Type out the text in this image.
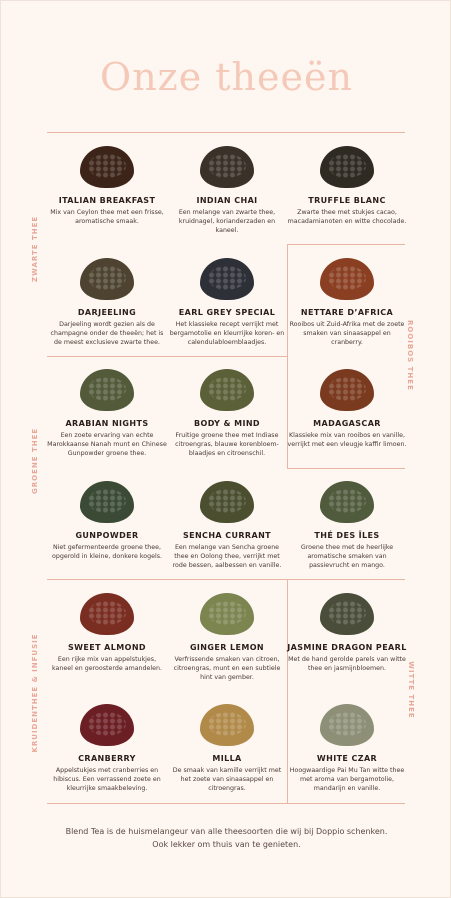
Onze theeën
ZWARTE THEE
GROENE THEE
KRUIDENTHEE & INFUSIE
ROOIBOS THEE
WITTE THEE
ITALIAN BREAKFAST
Mix van Ceylon thee met een frisse, aromatische smaak.
INDIAN CHAI
Een melange van zwarte thee, kruidnagel, korianderzaden en kaneel.
TRUFFLE BLANC
Zwarte thee met stukjes cacao, macadamianoten en witte chocolade.
DARJEELING
Darjeeling wordt gezien als de champagne onder de theeën; het is de meest exclusieve zwarte thee.
EARL GREY SPECIAL
Het klassieke recept verrijkt met bergamotolie en kleurrijke koren- en calendulabloemblaadjes.
NETTARE D’AFRICA
Rooibos uit Zuid-Afrika met de zoete smaken van sinaasappel en cranberry.
ARABIAN NIGHTS
Een zoete ervaring van echte Marokkaanse Nanah munt en Chinese Gunpowder groene thee.
BODY & MIND
Fruitige groene thee met Indiase citroengras, blauwe korenbloem-blaadjes en citroenschil.
MADAGASCAR
Klassieke mix van rooibos en vanille, verrijkt met een vleugje kaffir limoen.
GUNPOWDER
Niet gefermenteerde groene thee, opgerold in kleine, donkere kogels.
SENCHA CURRANT
Een melange van Sencha groene thee en Oolong thee, verrijkt met rode bessen, aalbessen en vanille.
THÉ DES ÎLES
Groene thee met de heerlijke aromatische smaken van passievrucht en mango.
SWEET ALMOND
Een rijke mix van appelstukjes, kaneel en geroosterde amandelen.
GINGER LEMON
Verfrissende smaken van citroen, citroengras, munt en een subtiele hint van gember.
JASMINE DRAGON PEARL
Met de hand gerolde parels van witte thee en jasmijnbloemen.
CRANBERRY
Appelstukjes met cranberries en hibiscus. Een verrassend zoete en kleurrijke smaakbeleving.
MILLA
De smaak van kamille verrijkt met het zoete van sinaasappel en citroengras.
WHITE CZAR
Hoogwaardige Pai Mu Tan witte thee met aroma van bergamotolie, mandarijn en vanille.
Blend Tea is de huismelangeur van alle theesoorten die wij bij Doppio schenken.
Ook lekker om thuis van te genieten.
